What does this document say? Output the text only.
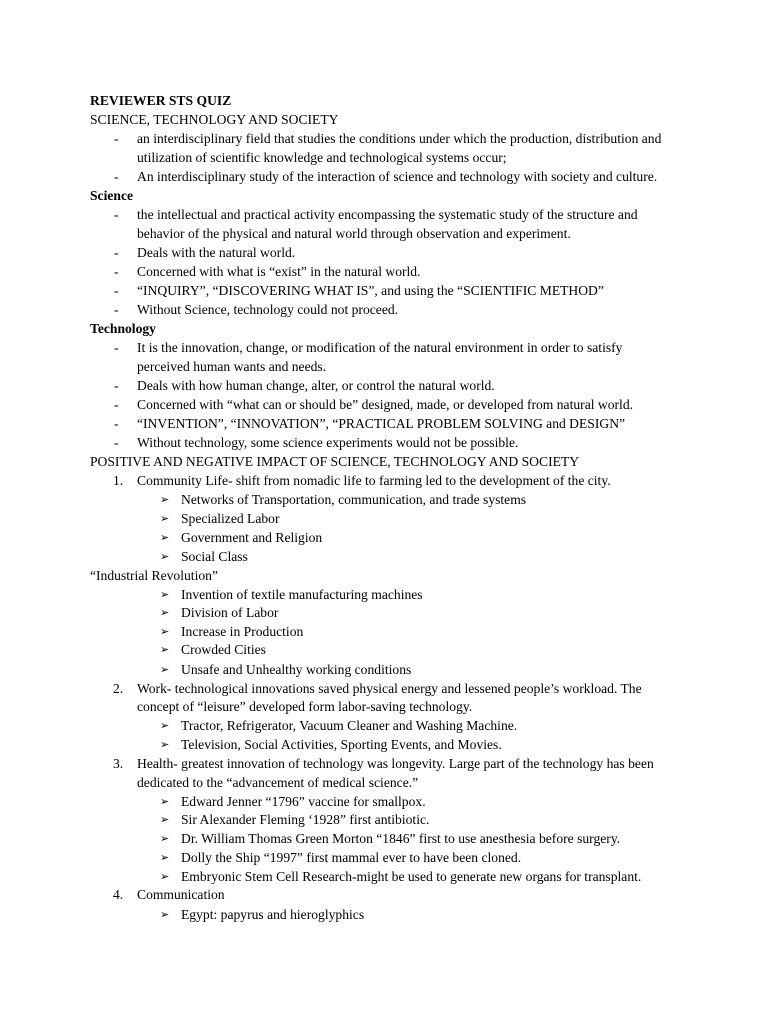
REVIEWER STS QUIZ
SCIENCE, TECHNOLOGY AND SOCIETY
- an interdisciplinary field that studies the conditions under which the production, distribution and
utilization of scientific knowledge and technological systems occur;
- An interdisciplinary study of the interaction of science and technology with society and culture.
Science
- the intellectual and practical activity encompassing the systematic study of the structure and
behavior of the physical and natural world through observation and experiment.
- Deals with the natural world.
- Concerned with what is “exist” in the natural world.
- “INQUIRY”, “DISCOVERING WHAT IS”, and using the “SCIENTIFIC METHOD”
- Without Science, technology could not proceed.
Technology
- It is the innovation, change, or modification of the natural environment in order to satisfy
perceived human wants and needs.
- Deals with how human change, alter, or control the natural world.
- Concerned with “what can or should be” designed, made, or developed from natural world.
- “INVENTION”, “INNOVATION”, “PRACTICAL PROBLEM SOLVING and DESIGN”
- Without technology, some science experiments would not be possible.
POSITIVE AND NEGATIVE IMPACT OF SCIENCE, TECHNOLOGY AND SOCIETY
1. Community Life- shift from nomadic life to farming led to the development of the city.
➢ Networks of Transportation, communication, and trade systems
➢ Specialized Labor
➢ Government and Religion
➢ Social Class
“Industrial Revolution”
➢ Invention of textile manufacturing machines
➢ Division of Labor
➢ Increase in Production
➢ Crowded Cities
➢ Unsafe and Unhealthy working conditions
2. Work- technological innovations saved physical energy and lessened people’s workload. The
concept of “leisure” developed form labor-saving technology.
➢ Tractor, Refrigerator, Vacuum Cleaner and Washing Machine.
➢ Television, Social Activities, Sporting Events, and Movies.
3. Health- greatest innovation of technology was longevity. Large part of the technology has been
dedicated to the “advancement of medical science.”
➢ Edward Jenner “1796” vaccine for smallpox.
➢ Sir Alexander Fleming ‘1928” first antibiotic.
➢ Dr. William Thomas Green Morton “1846” first to use anesthesia before surgery.
➢ Dolly the Ship “1997” first mammal ever to have been cloned.
➢ Embryonic Stem Cell Research-might be used to generate new organs for transplant.
4. Communication
➢ Egypt: papyrus and hieroglyphics
